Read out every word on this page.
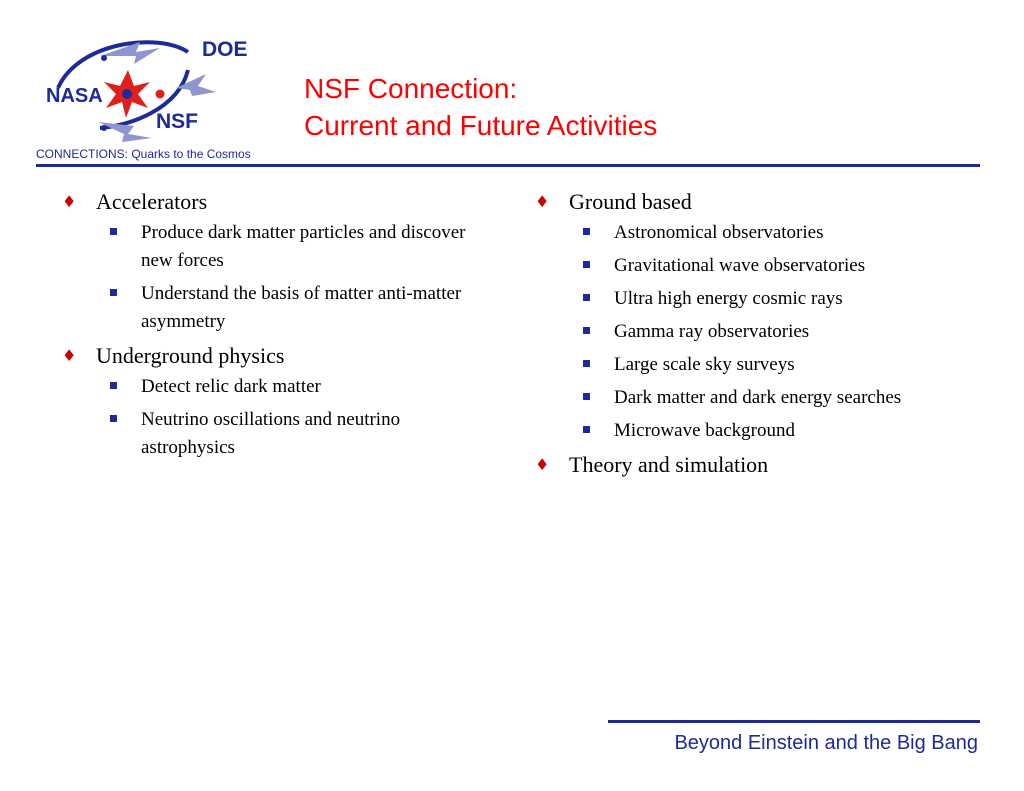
DOE
NASA
NSF
CONNECTIONS: Quarks to the Cosmos
NSF Connection:
Current and Future Activities
♦ Accelerators
Produce dark matter particles and discover new forces
Understand the basis of matter anti-matter asymmetry
♦ Underground physics
Detect relic dark matter
Neutrino oscillations and neutrino astrophysics
♦ Ground based
Astronomical observatories
Gravitational wave observatories
Ultra high energy cosmic rays
Gamma ray observatories
Large scale sky surveys
Dark matter and dark energy searches
Microwave background
♦ Theory and simulation
Beyond Einstein and the Big Bang
